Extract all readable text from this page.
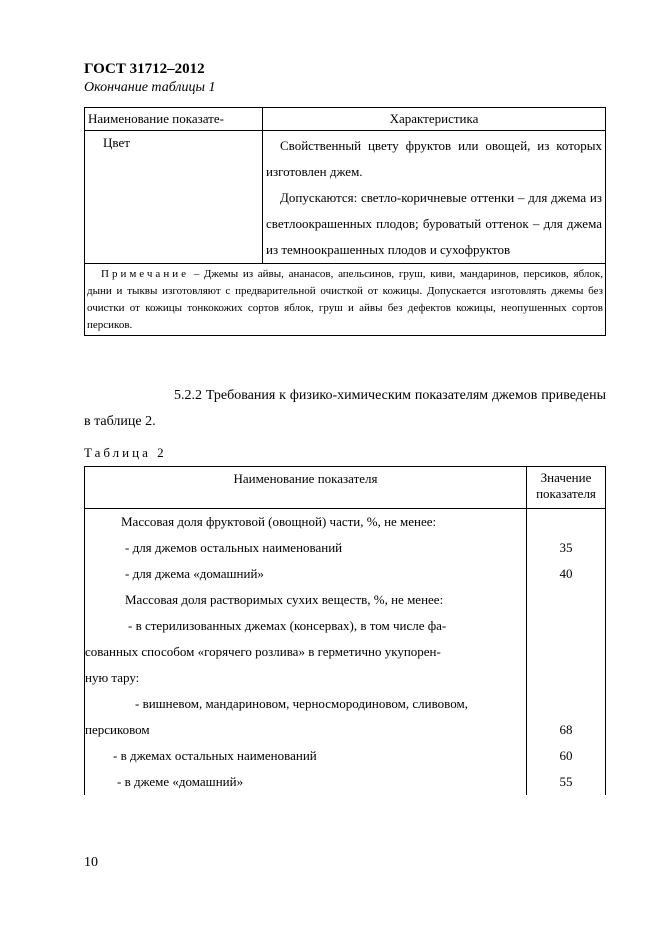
ГОСТ 31712–2012

Окончание таблицы 1

Наименование показате-	Характеристика
Цвет	Свойственный цвету фруктов или овощей, из которых изготовлен джем.

Допускаются: светло-коричневые оттенки – для джема из светлоокрашенных плодов; буроватый оттенок – для джема из темноокрашенных плодов и сухофруктов

Примечание – Джемы из айвы, ананасов, апельсинов, груш, киви, мандаринов, персиков, яблок, дыни и тыквы изготовляют с предварительной очисткой от кожицы. Допускается изготовлять джемы без очистки от кожицы тонкокожих сортов яблок, груш и айвы без дефектов кожицы, неопушенных сортов персиков.	

5.2.2 Требования к физико-химическим показателям джемов приведены в таблице 2.

Таблица 2

Наименование показателя	Значение показателя
Массовая доля фруктовой (овощной) части, %, не менее:	
- для джемов остальных наименований	35
- для джема «домашний»	40
Массовая доля растворимых сухих веществ, %, не менее:	
- в стерилизованных джемах (консервах), в том числе фа-	
сованных способом «горячего розлива» в герметично укупорен-	
ную тару:	
- вишневом, мандариновом, черносмородиновом, сливовом,	
персиковом	68
- в джемах остальных наименований	60
- в джеме «домашний»	55

10
